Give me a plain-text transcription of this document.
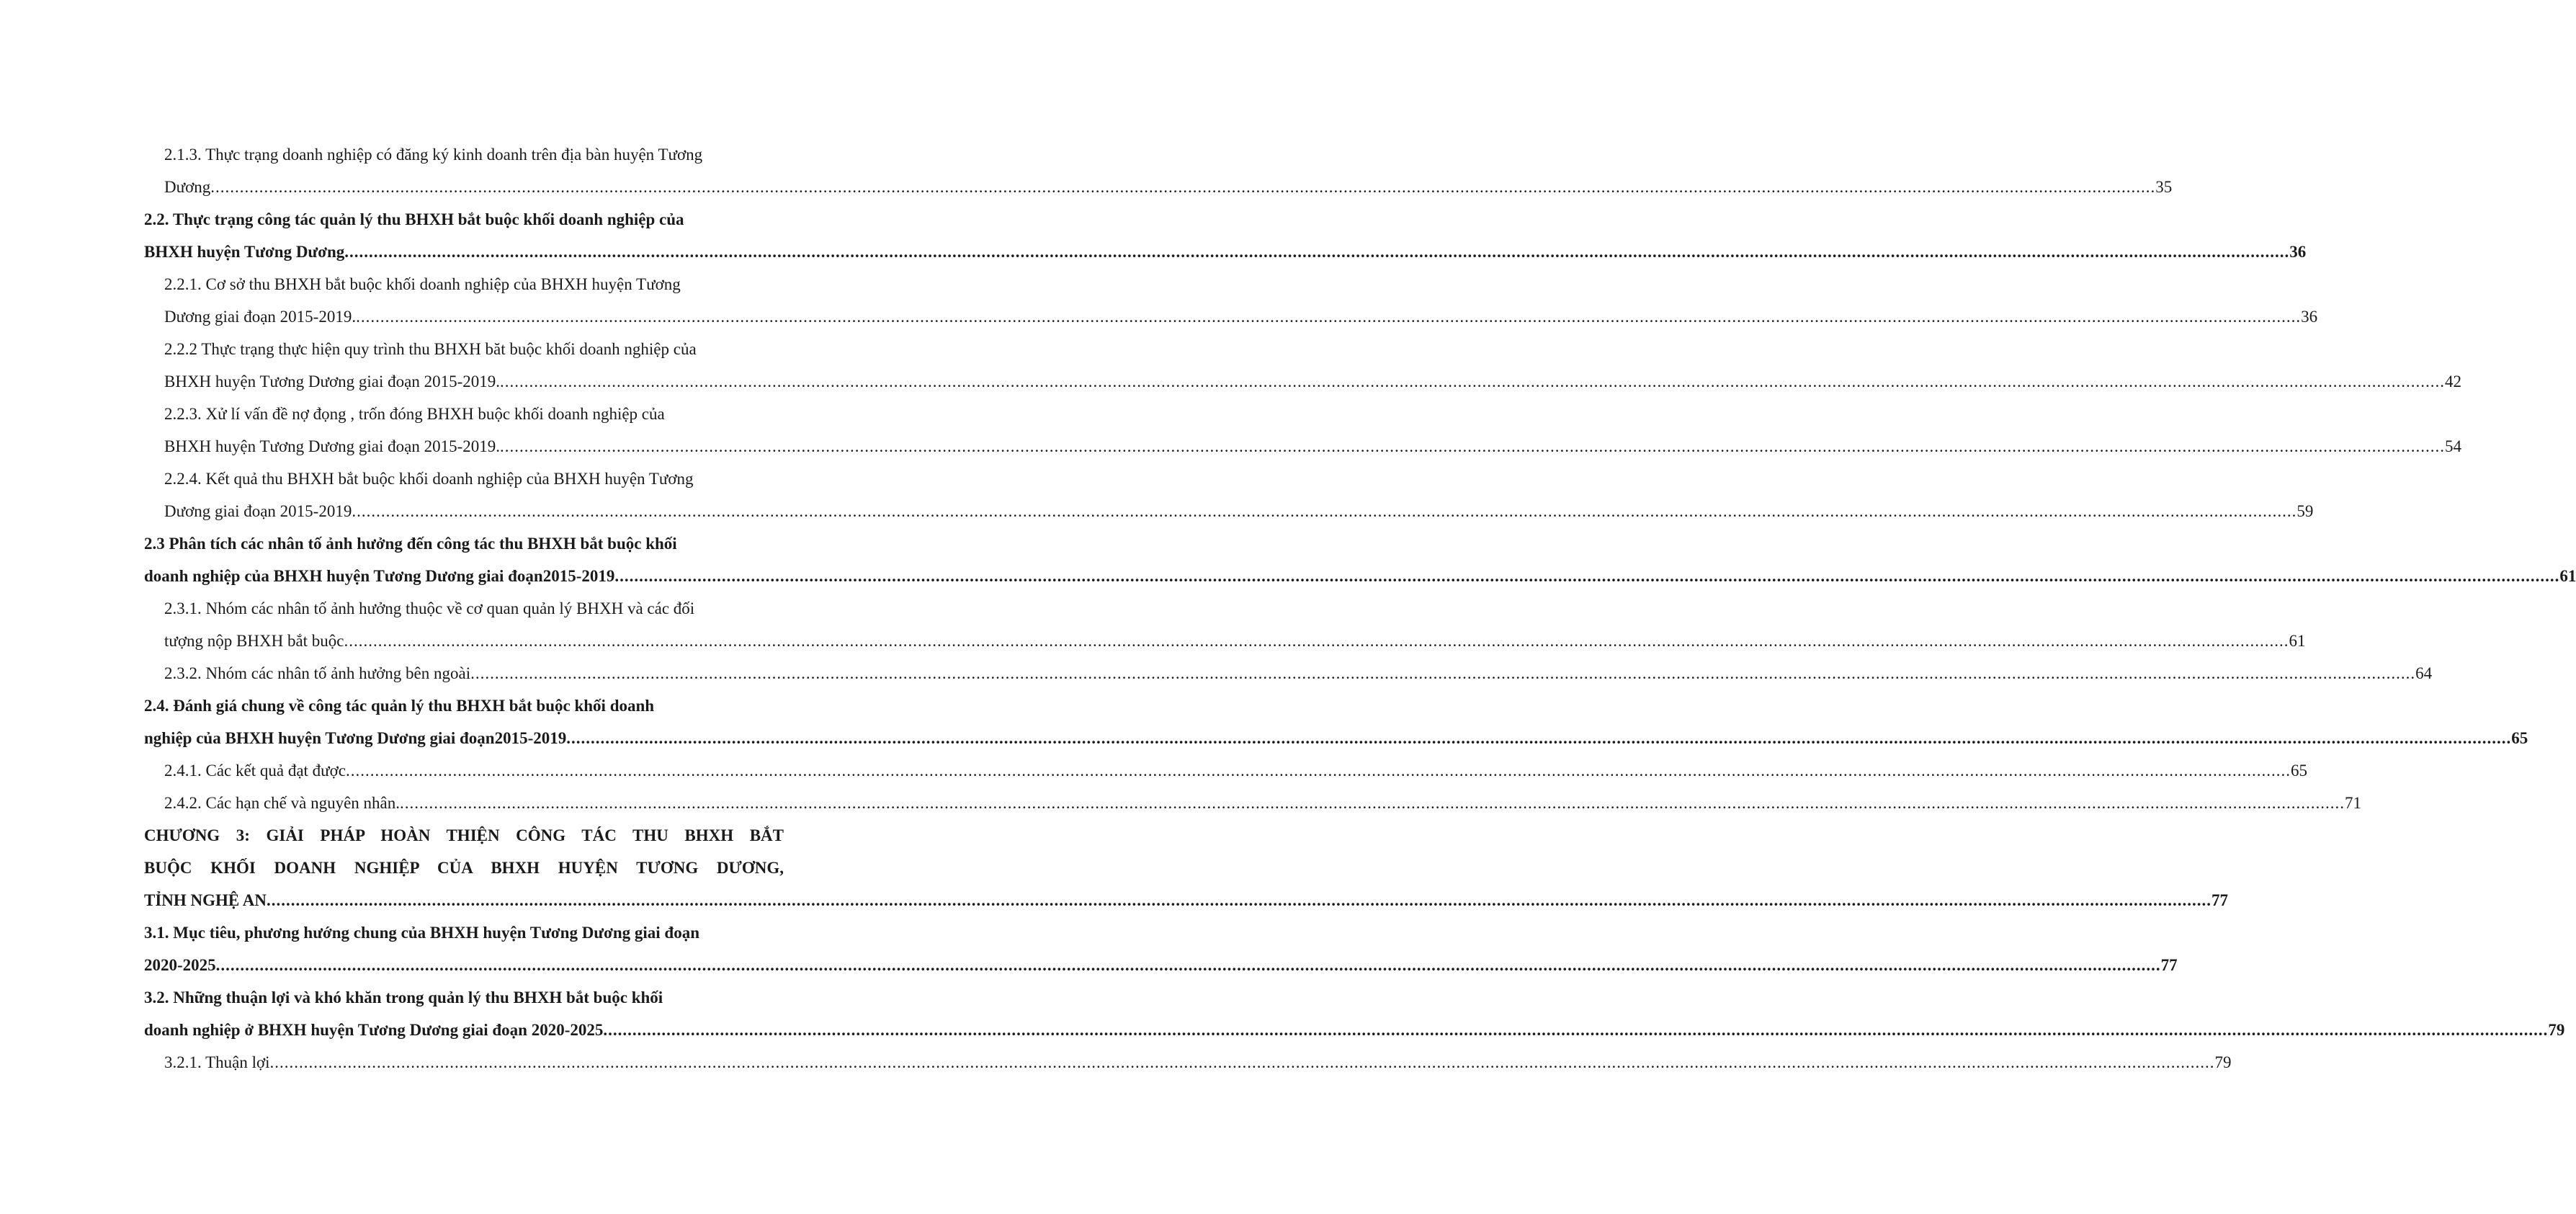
2.1.3. Thực trạng doanh nghiệp có đăng ký kinh doanh trên địa bàn huyện Tương
Dương ................................................................................................................................................................................................................................................................................................................................................................................................................ 35
2.2. Thực trạng công tác quản lý thu BHXH bắt buộc khối doanh nghiệp của
BHXH huyện Tương Dương ................................................................................................................................................................................................................................................................................................................................................................................................................ 36
2.2.1. Cơ sở thu BHXH bắt buộc khối doanh nghiệp của BHXH huyện Tương
Dương giai đoạn 2015-2019. ................................................................................................................................................................................................................................................................................................................................................................................................................ 36
2.2.2 Thực trạng thực hiện quy trình thu BHXH băt buộc khối doanh nghiệp của
BHXH huyện Tương Dương giai đoạn 2015-2019. ................................................................................................................................................................................................................................................................................................................................................................................................................ 42
2.2.3. Xử lí vấn đề nợ đọng , trốn đóng BHXH buộc khối doanh nghiệp của
BHXH huyện Tương Dương giai đoạn 2015-2019. ................................................................................................................................................................................................................................................................................................................................................................................................................ 54
2.2.4. Kết quả thu BHXH bắt buộc khối doanh nghiệp của BHXH huyện Tương
Dương giai đoạn 2015-2019 ................................................................................................................................................................................................................................................................................................................................................................................................................ 59
2.3 Phân tích các nhân tố ảnh hưởng đến công tác thu BHXH bắt buộc khối
doanh nghiệp của BHXH huyện Tương Dương giai đoạn2015-2019 ................................................................................................................................................................................................................................................................................................................................................................................................................ 61
2.3.1. Nhóm các nhân tố ảnh hưởng thuộc về cơ quan quản lý BHXH và các đối
tượng nộp BHXH bắt buộc ................................................................................................................................................................................................................................................................................................................................................................................................................ 61
2.3.2. Nhóm các nhân tố ảnh hưởng bên ngoài ................................................................................................................................................................................................................................................................................................................................................................................................................ 64
2.4. Đánh giá chung về công tác quản lý thu BHXH bắt buộc khối doanh
nghiệp của BHXH huyện Tương Dương giai đoạn2015-2019 ................................................................................................................................................................................................................................................................................................................................................................................................................ 65
2.4.1. Các kết quả đạt được ................................................................................................................................................................................................................................................................................................................................................................................................................ 65
2.4.2. Các hạn chế và nguyên nhân. ................................................................................................................................................................................................................................................................................................................................................................................................................ 71
CHƯƠNG 3: GIẢI PHÁP HOÀN THIỆN CÔNG TÁC THU BHXH BẮT
BUỘC KHỐI DOANH NGHIỆP CỦA BHXH HUYỆN TƯƠNG DƯƠNG,
TỈNH NGHỆ AN ................................................................................................................................................................................................................................................................................................................................................................................................................ 77
3.1. Mục tiêu, phương hướng chung của BHXH huyện Tương Dương giai đoạn
2020-2025 ................................................................................................................................................................................................................................................................................................................................................................................................................ 77
3.2. Những thuận lợi và khó khăn trong quản lý thu BHXH bắt buộc khối
doanh nghiệp ở BHXH huyện Tương Dương giai đoạn 2020-2025 ................................................................................................................................................................................................................................................................................................................................................................................................................ 79
3.2.1. Thuận lợi ................................................................................................................................................................................................................................................................................................................................................................................................................ 79
